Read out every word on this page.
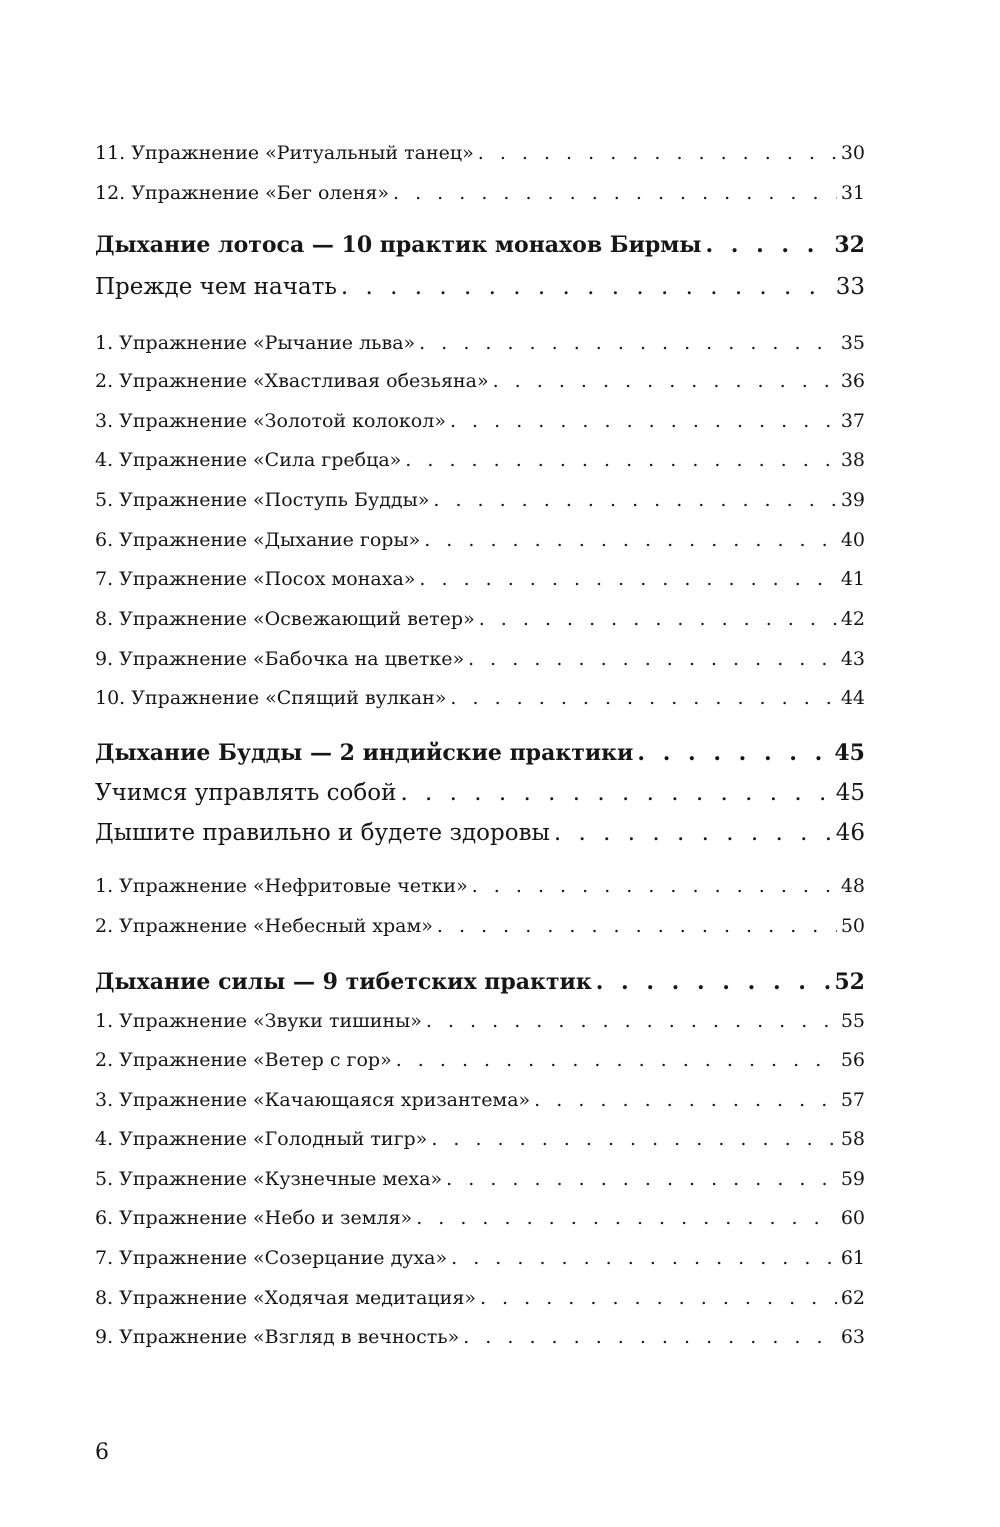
11. Упражнение «Ритуальный танец» . . .	30
12. Упражнение «Бег оленя» . . .	31
Дыхание лотоса — 10 практик монахов Бирмы . . .	32
Прежде чем начать . . .	33
1. Упражнение «Рычание льва» . . .	35
2. Упражнение «Хвастливая обезьяна» . . .	36
3. Упражнение «Золотой колокол» . . .	37
4. Упражнение «Сила гребца» . . .	38
5. Упражнение «Поступь Будды» . . .	39
6. Упражнение «Дыхание горы» . . .	40
7. Упражнение «Посох монаха» . . .	41
8. Упражнение «Освежающий ветер» . . .	42
9. Упражнение «Бабочка на цветке» . . .	43
10. Упражнение «Спящий вулкан» . . .	44
Дыхание Будды — 2 индийские практики . . .	45
Учимся управлять собой . . .	45
Дышите правильно и будете здоровы . . .	46
1. Упражнение «Нефритовые четки» . . .	48
2. Упражнение «Небесный храм» . . .	50
Дыхание силы — 9 тибетских практик . . .	52
1. Упражнение «Звуки тишины» . . .	55
2. Упражнение «Ветер с гор» . . .	56
3. Упражнение «Качающаяся хризантема» . . .	57
4. Упражнение «Голодный тигр» . . .	58
5. Упражнение «Кузнечные меха» . . .	59
6. Упражнение «Небо и земля» . . .	60
7. Упражнение «Созерцание духа» . . .	61
8. Упражнение «Ходячая медитация» . . .	62
9. Упражнение «Взгляд в вечность» . . .	63
6
